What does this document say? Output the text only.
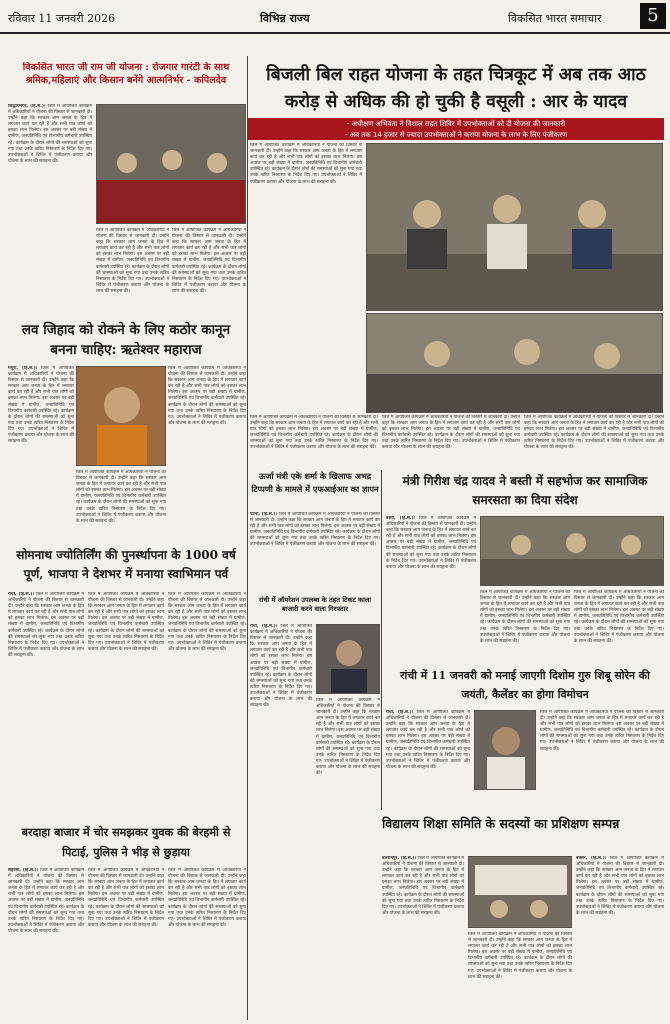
रविवार 11 जनवरी 2026	विभिन्न राज्य	विकसित भारत समाचार	5
बिजली बिल राहत योजना के तहत चित्रकूट में अब तक आठ
करोड़ से अधिक की हो चुकी है वसूली : आर के यादव
- अधीक्षण अभियंता ने विशाल राहत शिविर में उपभोक्ताओं को दी योजना की जानकारी
- अब तक 14 हजार से ज्यादा उपभोक्ताओं ने कराया योजना के लाभ के लिए पंजीकरण
जिले में आयोजित कार्यक्रम में अधिकारियों ने योजना की विस्तार से जानकारी दी। उन्होंने कहा कि सरकार आम जनता के हित में लगातार कार्य कर रही है और सभी पात्र लोगों को इसका लाभ मिलेगा। इस अवसर पर बड़ी संख्या में ग्रामीण, जनप्रतिनिधि एवं विभागीय कर्मचारी उपस्थित रहे। कार्यक्रम के दौरान लोगों की समस्याओं को सुना गया तथा उनके त्वरित निस्तारण के निर्देश दिए गए। उपभोक्ताओं ने शिविर में पंजीकरण कराया और योजना के लाभ की सराहना की।
जिले में आयोजित कार्यक्रम में अधिकारियों ने योजना की विस्तार से जानकारी दी। उन्होंने कहा कि सरकार आम जनता के हित में लगातार कार्य कर रही है और सभी पात्र लोगों को इसका लाभ मिलेगा। इस अवसर पर बड़ी संख्या में ग्रामीण, जनप्रतिनिधि एवं विभागीय कर्मचारी उपस्थित रहे। कार्यक्रम के दौरान लोगों की समस्याओं को सुना गया तथा उनके त्वरित निस्तारण के निर्देश दिए गए। उपभोक्ताओं ने शिविर में पंजीकरण कराया और योजना के लाभ की सराहना की।
जिले में आयोजित कार्यक्रम में अधिकारियों ने योजना की विस्तार से जानकारी दी। उन्होंने कहा कि सरकार आम जनता के हित में लगातार कार्य कर रही है और सभी पात्र लोगों को इसका लाभ मिलेगा। इस अवसर पर बड़ी संख्या में ग्रामीण, जनप्रतिनिधि एवं विभागीय कर्मचारी उपस्थित रहे। कार्यक्रम के दौरान लोगों की समस्याओं को सुना गया तथा उनके त्वरित निस्तारण के निर्देश दिए गए। उपभोक्ताओं ने शिविर में पंजीकरण कराया और योजना के लाभ की सराहना की।
जिले में आयोजित कार्यक्रम में अधिकारियों ने योजना की विस्तार से जानकारी दी। उन्होंने कहा कि सरकार आम जनता के हित में लगातार कार्य कर रही है और सभी पात्र लोगों को इसका लाभ मिलेगा। इस अवसर पर बड़ी संख्या में ग्रामीण, जनप्रतिनिधि एवं विभागीय कर्मचारी उपस्थित रहे। कार्यक्रम के दौरान लोगों की समस्याओं को सुना गया तथा उनके त्वरित निस्तारण के निर्देश दिए गए। उपभोक्ताओं ने शिविर में पंजीकरण कराया और योजना के लाभ की सराहना की।
विकसित भारत जी राम जी योजना : रोजगार गारंटी के साथ श्रमिक,महिलाएं और किसान बनेंगे आत्मनिर्भर - कपिलदेव
सिद्धार्थनगर, (हि.स.)। जिले में आयोजित कार्यक्रम में अधिकारियों ने योजना की विस्तार से जानकारी दी। उन्होंने कहा कि सरकार आम जनता के हित में लगातार कार्य कर रही है और सभी पात्र लोगों को इसका लाभ मिलेगा। इस अवसर पर बड़ी संख्या में ग्रामीण, जनप्रतिनिधि एवं विभागीय कर्मचारी उपस्थित रहे। कार्यक्रम के दौरान लोगों की समस्याओं को सुना गया तथा उनके त्वरित निस्तारण के निर्देश दिए गए। उपभोक्ताओं ने शिविर में पंजीकरण कराया और योजना के लाभ की सराहना की।
जिले में आयोजित कार्यक्रम में अधिकारियों ने योजना की विस्तार से जानकारी दी। उन्होंने कहा कि सरकार आम जनता के हित में लगातार कार्य कर रही है और सभी पात्र लोगों को इसका लाभ मिलेगा। इस अवसर पर बड़ी संख्या में ग्रामीण, जनप्रतिनिधि एवं विभागीय कर्मचारी उपस्थित रहे। कार्यक्रम के दौरान लोगों की समस्याओं को सुना गया तथा उनके त्वरित निस्तारण के निर्देश दिए गए। उपभोक्ताओं ने शिविर में पंजीकरण कराया और योजना के लाभ की सराहना की।
जिले में आयोजित कार्यक्रम में अधिकारियों ने योजना की विस्तार से जानकारी दी। उन्होंने कहा कि सरकार आम जनता के हित में लगातार कार्य कर रही है और सभी पात्र लोगों को इसका लाभ मिलेगा। इस अवसर पर बड़ी संख्या में ग्रामीण, जनप्रतिनिधि एवं विभागीय कर्मचारी उपस्थित रहे। कार्यक्रम के दौरान लोगों की समस्याओं को सुना गया तथा उनके त्वरित निस्तारण के निर्देश दिए गए। उपभोक्ताओं ने शिविर में पंजीकरण कराया और योजना के लाभ की सराहना की।
लव जिहाद को रोकने के लिए कठोर कानून बनना चाहिए: ऋतेश्वर महाराज
मथुरा, (हि.स.)। जिले में आयोजित कार्यक्रम में अधिकारियों ने योजना की विस्तार से जानकारी दी। उन्होंने कहा कि सरकार आम जनता के हित में लगातार कार्य कर रही है और सभी पात्र लोगों को इसका लाभ मिलेगा। इस अवसर पर बड़ी संख्या में ग्रामीण, जनप्रतिनिधि एवं विभागीय कर्मचारी उपस्थित रहे। कार्यक्रम के दौरान लोगों की समस्याओं को सुना गया तथा उनके त्वरित निस्तारण के निर्देश दिए गए। उपभोक्ताओं ने शिविर में पंजीकरण कराया और योजना के लाभ की सराहना की।
जिले में आयोजित कार्यक्रम में अधिकारियों ने योजना की विस्तार से जानकारी दी। उन्होंने कहा कि सरकार आम जनता के हित में लगातार कार्य कर रही है और सभी पात्र लोगों को इसका लाभ मिलेगा। इस अवसर पर बड़ी संख्या में ग्रामीण, जनप्रतिनिधि एवं विभागीय कर्मचारी उपस्थित रहे। कार्यक्रम के दौरान लोगों की समस्याओं को सुना गया तथा उनके त्वरित निस्तारण के निर्देश दिए गए। उपभोक्ताओं ने शिविर में पंजीकरण कराया और योजना के लाभ की सराहना की।
जिले में आयोजित कार्यक्रम में अधिकारियों ने योजना की विस्तार से जानकारी दी। उन्होंने कहा कि सरकार आम जनता के हित में लगातार कार्य कर रही है और सभी पात्र लोगों को इसका लाभ मिलेगा। इस अवसर पर बड़ी संख्या में ग्रामीण, जनप्रतिनिधि एवं विभागीय कर्मचारी उपस्थित रहे। कार्यक्रम के दौरान लोगों की समस्याओं को सुना गया तथा उनके त्वरित निस्तारण के निर्देश दिए गए। उपभोक्ताओं ने शिविर में पंजीकरण कराया और योजना के लाभ की सराहना की।
सोमनाथ ज्योतिर्लिंग की पुनर्स्थापना के 1000 वर्ष पूर्ण, भाजपा ने देशभर में मनाया स्वाभिमान पर्व
रांची, (हि.स.)। जिले में आयोजित कार्यक्रम में अधिकारियों ने योजना की विस्तार से जानकारी दी। उन्होंने कहा कि सरकार आम जनता के हित में लगातार कार्य कर रही है और सभी पात्र लोगों को इसका लाभ मिलेगा। इस अवसर पर बड़ी संख्या में ग्रामीण, जनप्रतिनिधि एवं विभागीय कर्मचारी उपस्थित रहे। कार्यक्रम के दौरान लोगों की समस्याओं को सुना गया तथा उनके त्वरित निस्तारण के निर्देश दिए गए। उपभोक्ताओं ने शिविर में पंजीकरण कराया और योजना के लाभ की सराहना की।
जिले में आयोजित कार्यक्रम में अधिकारियों ने योजना की विस्तार से जानकारी दी। उन्होंने कहा कि सरकार आम जनता के हित में लगातार कार्य कर रही है और सभी पात्र लोगों को इसका लाभ मिलेगा। इस अवसर पर बड़ी संख्या में ग्रामीण, जनप्रतिनिधि एवं विभागीय कर्मचारी उपस्थित रहे। कार्यक्रम के दौरान लोगों की समस्याओं को सुना गया तथा उनके त्वरित निस्तारण के निर्देश दिए गए। उपभोक्ताओं ने शिविर में पंजीकरण कराया और योजना के लाभ की सराहना की।
जिले में आयोजित कार्यक्रम में अधिकारियों ने योजना की विस्तार से जानकारी दी। उन्होंने कहा कि सरकार आम जनता के हित में लगातार कार्य कर रही है और सभी पात्र लोगों को इसका लाभ मिलेगा। इस अवसर पर बड़ी संख्या में ग्रामीण, जनप्रतिनिधि एवं विभागीय कर्मचारी उपस्थित रहे। कार्यक्रम के दौरान लोगों की समस्याओं को सुना गया तथा उनके त्वरित निस्तारण के निर्देश दिए गए। उपभोक्ताओं ने शिविर में पंजीकरण कराया और योजना के लाभ की सराहना की।
बरदाहा बाजार में चोर समझकर युवक की बेरहमी से पिटाई, पुलिस ने भीड़ से छुड़ाया
सहरसा, (हि.स.)। जिले में आयोजित कार्यक्रम में अधिकारियों ने योजना की विस्तार से जानकारी दी। उन्होंने कहा कि सरकार आम जनता के हित में लगातार कार्य कर रही है और सभी पात्र लोगों को इसका लाभ मिलेगा। इस अवसर पर बड़ी संख्या में ग्रामीण, जनप्रतिनिधि एवं विभागीय कर्मचारी उपस्थित रहे। कार्यक्रम के दौरान लोगों की समस्याओं को सुना गया तथा उनके त्वरित निस्तारण के निर्देश दिए गए। उपभोक्ताओं ने शिविर में पंजीकरण कराया और योजना के लाभ की सराहना की।
जिले में आयोजित कार्यक्रम में अधिकारियों ने योजना की विस्तार से जानकारी दी। उन्होंने कहा कि सरकार आम जनता के हित में लगातार कार्य कर रही है और सभी पात्र लोगों को इसका लाभ मिलेगा। इस अवसर पर बड़ी संख्या में ग्रामीण, जनप्रतिनिधि एवं विभागीय कर्मचारी उपस्थित रहे। कार्यक्रम के दौरान लोगों की समस्याओं को सुना गया तथा उनके त्वरित निस्तारण के निर्देश दिए गए। उपभोक्ताओं ने शिविर में पंजीकरण कराया और योजना के लाभ की सराहना की।
जिले में आयोजित कार्यक्रम में अधिकारियों ने योजना की विस्तार से जानकारी दी। उन्होंने कहा कि सरकार आम जनता के हित में लगातार कार्य कर रही है और सभी पात्र लोगों को इसका लाभ मिलेगा। इस अवसर पर बड़ी संख्या में ग्रामीण, जनप्रतिनिधि एवं विभागीय कर्मचारी उपस्थित रहे। कार्यक्रम के दौरान लोगों की समस्याओं को सुना गया तथा उनके त्वरित निस्तारण के निर्देश दिए गए। उपभोक्ताओं ने शिविर में पंजीकरण कराया और योजना के लाभ की सराहना की।
ऊर्जा मंत्री एके शर्मा के खिलाफ अभद्र टिप्पणी के मामले में एफआईआर का ज्ञापन
पटना, (हि.स.)। जिले में आयोजित कार्यक्रम में अधिकारियों ने योजना की विस्तार से जानकारी दी। उन्होंने कहा कि सरकार आम जनता के हित में लगातार कार्य कर रही है और सभी पात्र लोगों को इसका लाभ मिलेगा। इस अवसर पर बड़ी संख्या में ग्रामीण, जनप्रतिनिधि एवं विभागीय कर्मचारी उपस्थित रहे। कार्यक्रम के दौरान लोगों की समस्याओं को सुना गया तथा उनके त्वरित निस्तारण के निर्देश दिए गए। उपभोक्ताओं ने शिविर में पंजीकरण कराया और योजना के लाभ की सराहना की।
रांची में ऑपरेशन उपलब्ध के तहत टिकट काला बाजारी करने वाला गिरफ्तार
रांची, (हि.स.)। जिले में आयोजित कार्यक्रम में अधिकारियों ने योजना की विस्तार से जानकारी दी। उन्होंने कहा कि सरकार आम जनता के हित में लगातार कार्य कर रही है और सभी पात्र लोगों को इसका लाभ मिलेगा। इस अवसर पर बड़ी संख्या में ग्रामीण, जनप्रतिनिधि एवं विभागीय कर्मचारी उपस्थित रहे। कार्यक्रम के दौरान लोगों की समस्याओं को सुना गया तथा उनके त्वरित निस्तारण के निर्देश दिए गए। उपभोक्ताओं ने शिविर में पंजीकरण कराया और योजना के लाभ की सराहना की।
जिले में आयोजित कार्यक्रम में अधिकारियों ने योजना की विस्तार से जानकारी दी। उन्होंने कहा कि सरकार आम जनता के हित में लगातार कार्य कर रही है और सभी पात्र लोगों को इसका लाभ मिलेगा। इस अवसर पर बड़ी संख्या में ग्रामीण, जनप्रतिनिधि एवं विभागीय कर्मचारी उपस्थित रहे। कार्यक्रम के दौरान लोगों की समस्याओं को सुना गया तथा उनके त्वरित निस्तारण के निर्देश दिए गए। उपभोक्ताओं ने शिविर में पंजीकरण कराया और योजना के लाभ की सराहना की।
विद्यालय शिक्षा समिति के सदस्यों का प्रशिक्षण सम्पन्न
बलरामपुर, (हि.स.)। जिले में आयोजित कार्यक्रम में अधिकारियों ने योजना की विस्तार से जानकारी दी। उन्होंने कहा कि सरकार आम जनता के हित में लगातार कार्य कर रही है और सभी पात्र लोगों को इसका लाभ मिलेगा। इस अवसर पर बड़ी संख्या में ग्रामीण, जनप्रतिनिधि एवं विभागीय कर्मचारी उपस्थित रहे। कार्यक्रम के दौरान लोगों की समस्याओं को सुना गया तथा उनके त्वरित निस्तारण के निर्देश दिए गए। उपभोक्ताओं ने शिविर में पंजीकरण कराया और योजना के लाभ की सराहना की।
जिले में आयोजित कार्यक्रम में अधिकारियों ने योजना की विस्तार से जानकारी दी। उन्होंने कहा कि सरकार आम जनता के हित में लगातार कार्य कर रही है और सभी पात्र लोगों को इसका लाभ मिलेगा। इस अवसर पर बड़ी संख्या में ग्रामीण, जनप्रतिनिधि एवं विभागीय कर्मचारी उपस्थित रहे। कार्यक्रम के दौरान लोगों की समस्याओं को सुना गया तथा उनके त्वरित निस्तारण के निर्देश दिए गए। उपभोक्ताओं ने शिविर में पंजीकरण कराया और योजना के लाभ की सराहना की।
मंत्री गिरीश चंद्र यादव ने बस्ती में सहभोज कर सामाजिक समरसता का दिया संदेश
बस्ती, (हि.स.)। जिले में आयोजित कार्यक्रम में अधिकारियों ने योजना की विस्तार से जानकारी दी। उन्होंने कहा कि सरकार आम जनता के हित में लगातार कार्य कर रही है और सभी पात्र लोगों को इसका लाभ मिलेगा। इस अवसर पर बड़ी संख्या में ग्रामीण, जनप्रतिनिधि एवं विभागीय कर्मचारी उपस्थित रहे। कार्यक्रम के दौरान लोगों की समस्याओं को सुना गया तथा उनके त्वरित निस्तारण के निर्देश दिए गए। उपभोक्ताओं ने शिविर में पंजीकरण कराया और योजना के लाभ की सराहना की।
जिले में आयोजित कार्यक्रम में अधिकारियों ने योजना की विस्तार से जानकारी दी। उन्होंने कहा कि सरकार आम जनता के हित में लगातार कार्य कर रही है और सभी पात्र लोगों को इसका लाभ मिलेगा। इस अवसर पर बड़ी संख्या में ग्रामीण, जनप्रतिनिधि एवं विभागीय कर्मचारी उपस्थित रहे। कार्यक्रम के दौरान लोगों की समस्याओं को सुना गया तथा उनके त्वरित निस्तारण के निर्देश दिए गए। उपभोक्ताओं ने शिविर में पंजीकरण कराया और योजना के लाभ की सराहना की।
जिले में आयोजित कार्यक्रम में अधिकारियों ने योजना की विस्तार से जानकारी दी। उन्होंने कहा कि सरकार आम जनता के हित में लगातार कार्य कर रही है और सभी पात्र लोगों को इसका लाभ मिलेगा। इस अवसर पर बड़ी संख्या में ग्रामीण, जनप्रतिनिधि एवं विभागीय कर्मचारी उपस्थित रहे। कार्यक्रम के दौरान लोगों की समस्याओं को सुना गया तथा उनके त्वरित निस्तारण के निर्देश दिए गए। उपभोक्ताओं ने शिविर में पंजीकरण कराया और योजना के लाभ की सराहना की।
रांची में 11 जनवरी को मनाई जाएगी दिशोम गुरु शिबू सोरेन की जयंती, कैलेंडर का होगा विमोचन
रांची, (हि.स.)। जिले में आयोजित कार्यक्रम में अधिकारियों ने योजना की विस्तार से जानकारी दी। उन्होंने कहा कि सरकार आम जनता के हित में लगातार कार्य कर रही है और सभी पात्र लोगों को इसका लाभ मिलेगा। इस अवसर पर बड़ी संख्या में ग्रामीण, जनप्रतिनिधि एवं विभागीय कर्मचारी उपस्थित रहे। कार्यक्रम के दौरान लोगों की समस्याओं को सुना गया तथा उनके त्वरित निस्तारण के निर्देश दिए गए। उपभोक्ताओं ने शिविर में पंजीकरण कराया और योजना के लाभ की सराहना की।
जिले में आयोजित कार्यक्रम में अधिकारियों ने योजना की विस्तार से जानकारी दी। उन्होंने कहा कि सरकार आम जनता के हित में लगातार कार्य कर रही है और सभी पात्र लोगों को इसका लाभ मिलेगा। इस अवसर पर बड़ी संख्या में ग्रामीण, जनप्रतिनिधि एवं विभागीय कर्मचारी उपस्थित रहे। कार्यक्रम के दौरान लोगों की समस्याओं को सुना गया तथा उनके त्वरित निस्तारण के निर्देश दिए गए। उपभोक्ताओं ने शिविर में पंजीकरण कराया और योजना के लाभ की सराहना की।
बक्सर, (हि.स.)। जिले में आयोजित कार्यक्रम में अधिकारियों ने योजना की विस्तार से जानकारी दी। उन्होंने कहा कि सरकार आम जनता के हित में लगातार कार्य कर रही है और सभी पात्र लोगों को इसका लाभ मिलेगा। इस अवसर पर बड़ी संख्या में ग्रामीण, जनप्रतिनिधि एवं विभागीय कर्मचारी उपस्थित रहे। कार्यक्रम के दौरान लोगों की समस्याओं को सुना गया तथा उनके त्वरित निस्तारण के निर्देश दिए गए। उपभोक्ताओं ने शिविर में पंजीकरण कराया और योजना के लाभ की सराहना की।
